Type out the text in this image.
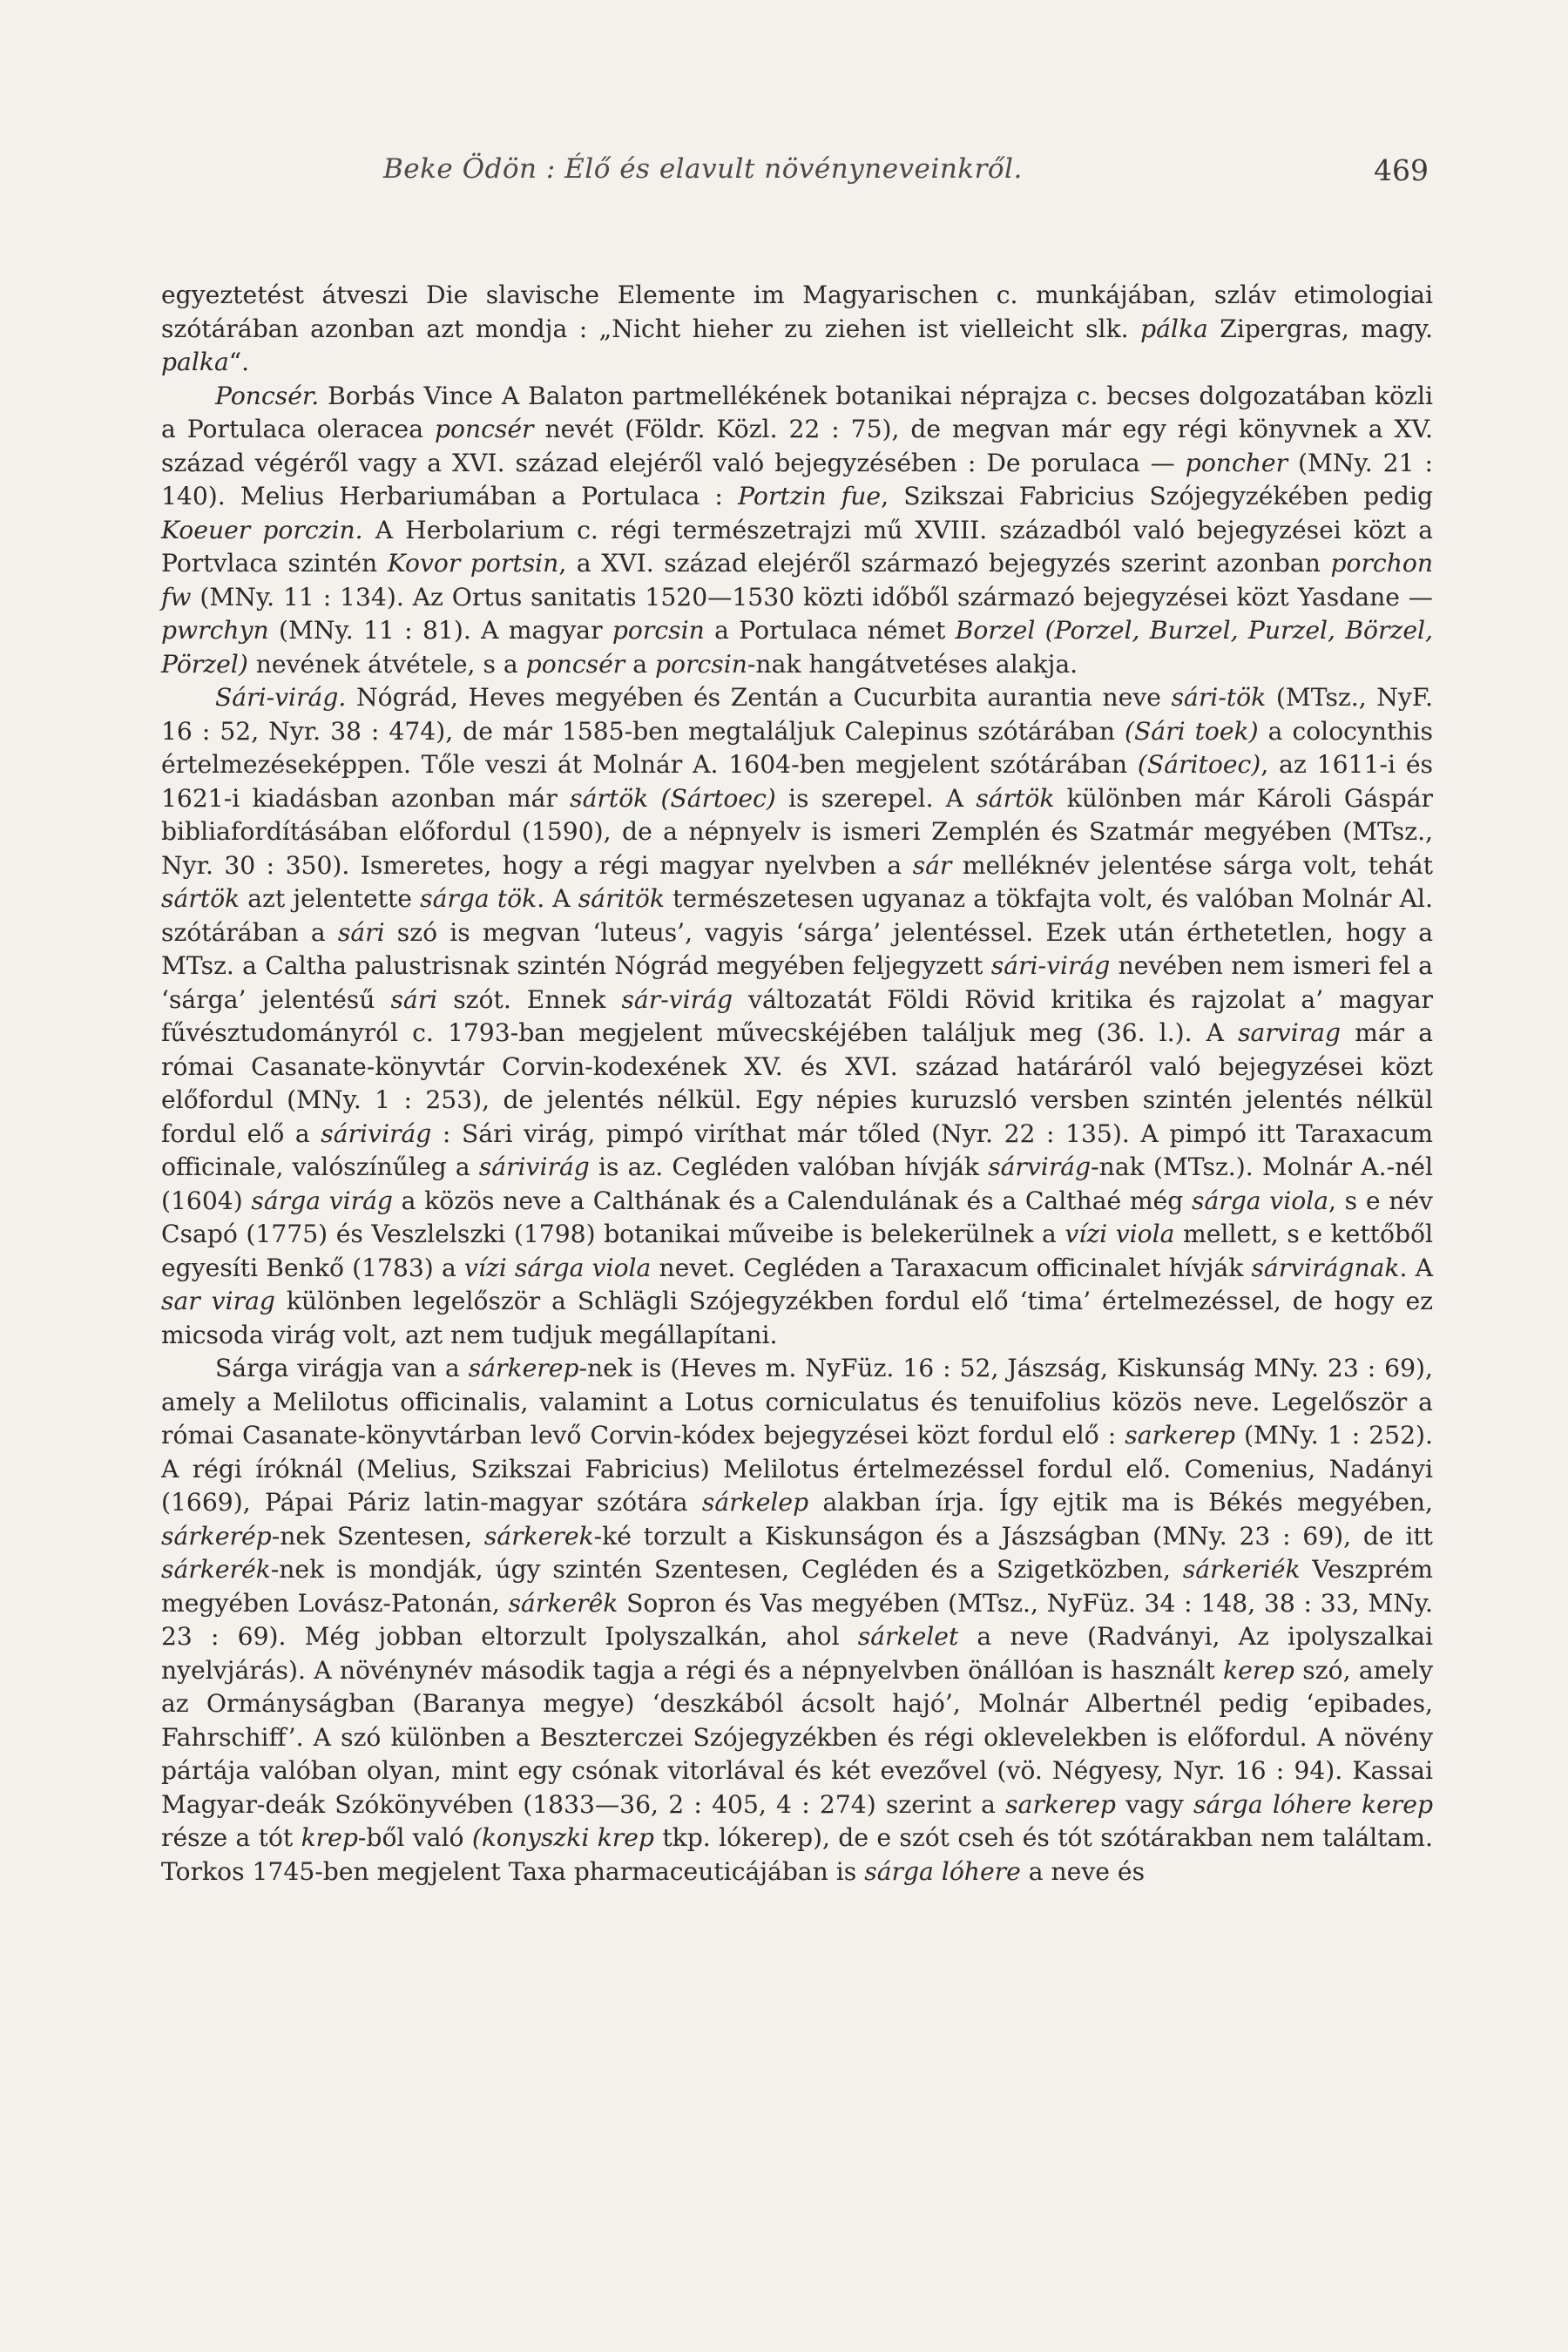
Beke Ödön : Élő és elavult növényneveinkről.	469

egyeztetést átveszi Die slavische Elemente im Magyarischen c. munkájában, szláv etimologiai szótárában azonban azt mondja : „Nicht hieher zu ziehen ist vielleicht slk. pálka Zipergras, magy. palka“.

Poncsér. Borbás Vince A Balaton partmellékének botanikai néprajza c. becses dolgozatában közli a Portulaca oleracea poncsér nevét (Földr. Közl. 22 : 75), de megvan már egy régi könyvnek a XV. század végéről vagy a XVI. század elejéről való bejegyzésében : De porulaca — poncher (MNy. 21 : 140). Melius Herbariumában a Portulaca : Portzin fue, Szikszai Fabricius Szójegyzékében pedig Koeuer porczin. A Herbolarium c. régi természetrajzi mű XVIII. századból való bejegyzései közt a Portvlaca szintén Kovor portsin, a XVI. század elejéről származó bejegyzés szerint azonban porchon fw (MNy. 11 : 134). Az Ortus sanitatis 1520—1530 közti időből származó bejegyzései közt Yasdane — pwrchyn (MNy. 11 : 81). A magyar porcsin a Portulaca német Borzel (Porzel, Burzel, Purzel, Börzel, Pörzel) nevének átvétele, s a poncsér a porcsin-nak hangátvetéses alakja.

Sári-virág. Nógrád, Heves megyében és Zentán a Cucurbita aurantia neve sári-tök (MTsz., NyF. 16 : 52, Nyr. 38 : 474), de már 1585-ben megtaláljuk Calepinus szótárában (Sári toek) a colocynthis értelmezéseképpen. Tőle veszi át Molnár A. 1604-ben megjelent szótárában (Sáritoec), az 1611-i és 1621-i kiadásban azonban már sártök (Sártoec) is szerepel. A sártök különben már Károli Gáspár bibliafordításában előfordul (1590), de a népnyelv is ismeri Zemplén és Szatmár megyében (MTsz., Nyr. 30 : 350). Ismeretes, hogy a régi magyar nyelvben a sár melléknév jelentése sárga volt, tehát sártök azt jelentette sárga tök. A sáritök természetesen ugyanaz a tökfajta volt, és valóban Molnár Al. szótárában a sári szó is megvan ‘luteus’, vagyis ‘sárga’ jelentéssel. Ezek után érthetetlen, hogy a MTsz. a Caltha palustrisnak szintén Nógrád megyében feljegyzett sári-virág nevében nem ismeri fel a ‘sárga’ jelentésű sári szót. Ennek sár-virág változatát Földi Rövid kritika és rajzolat a’ magyar fűvésztudományról c. 1793-ban megjelent művecskéjében találjuk meg (36. l.). A sarvirag már a római Casanate-könyvtár Corvin-kodexének XV. és XVI. század határáról való bejegyzései közt előfordul (MNy. 1 : 253), de jelentés nélkül. Egy népies kuruzsló versben szintén jelentés nélkül fordul elő a sárivirág : Sári virág, pimpó viríthat már tőled (Nyr. 22 : 135). A pimpó itt Taraxacum officinale, valószínűleg a sárivirág is az. Cegléden valóban hívják sárvirág-nak (MTsz.). Molnár A.-nél (1604) sárga virág a közös neve a Calthának és a Calendulának és a Calthaé még sárga viola, s e név Csapó (1775) és Veszlelszki (1798) botanikai műveibe is belekerülnek a vízi viola mellett, s e kettőből egyesíti Benkő (1783) a vízi sárga viola nevet. Cegléden a Taraxacum officinalet hívják sárvirágnak. A sar virag különben legelőször a Schlägli Szójegyzékben fordul elő ‘tima’ értelmezéssel, de hogy ez micsoda virág volt, azt nem tudjuk megállapítani.

Sárga virágja van a sárkerep-nek is (Heves m. NyFüz. 16 : 52, Jászság, Kiskunság MNy. 23 : 69), amely a Melilotus officinalis, valamint a Lotus corniculatus és tenuifolius közös neve. Legelőször a római Casanate-könyvtárban levő Corvin-kódex bejegyzései közt fordul elő : sarkerep (MNy. 1 : 252). A régi íróknál (Melius, Szikszai Fabricius) Melilotus értelmezéssel fordul elő. Comenius, Nadányi (1669), Pápai Páriz latin-magyar szótára sárkelep alakban írja. Így ejtik ma is Békés megyében, sárkerép-nek Szentesen, sárkerek-ké torzult a Kiskunságon és a Jászságban (MNy. 23 : 69), de itt sárkerék-nek is mondják, úgy szintén Szentesen, Cegléden és a Szigetközben, sárkeriék Veszprém megyében Lovász-Patonán, sárkerêk Sopron és Vas megyében (MTsz., NyFüz. 34 : 148, 38 : 33, MNy. 23 : 69). Még jobban eltorzult Ipolyszalkán, ahol sárkelet a neve (Radványi, Az ipolyszalkai nyelvjárás). A növénynév második tagja a régi és a népnyelvben önállóan is használt kerep szó, amely az Ormányságban (Baranya megye) ‘deszkából ácsolt hajó’, Molnár Albertnél pedig ‘epibades, Fahrschiff’. A szó különben a Beszterczei Szójegyzékben és régi oklevelekben is előfordul. A növény pártája valóban olyan, mint egy csónak vitorlával és két evezővel (vö. Négyesy, Nyr. 16 : 94). Kassai Magyar-deák Szókönyvében (1833—36, 2 : 405, 4 : 274) szerint a sarkerep vagy sárga lóhere kerep része a tót krep-ből való (konyszki krep tkp. lókerep), de e szót cseh és tót szótárakban nem találtam. Torkos 1745-ben megjelent Taxa pharmaceuticájában is sárga lóhere a neve és
